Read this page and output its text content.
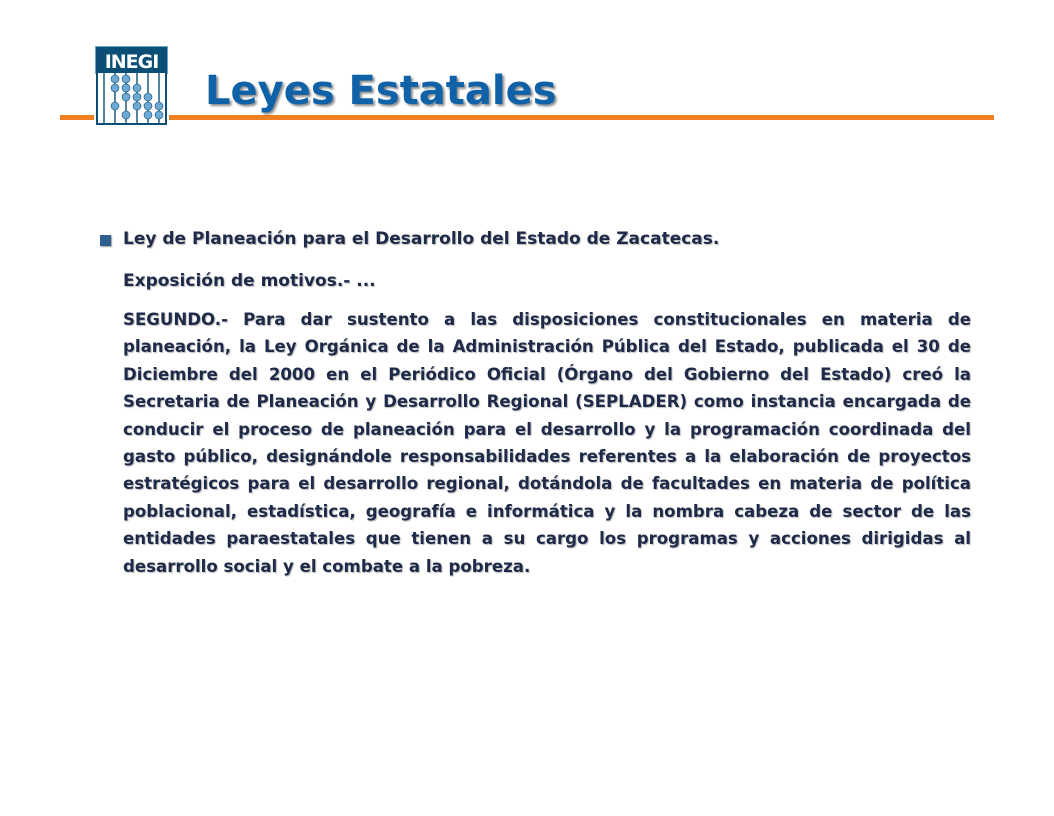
INEGI
Leyes Estatales
Ley de Planeación para el Desarrollo del Estado de Zacatecas.
Exposición de motivos.- ...
SEGUNDO.- Para dar sustento a las disposiciones constitucionales en materia de planeación, la Ley Orgánica de la Administración Pública del Estado, publicada el 30 de Diciembre del 2000 en el Periódico Oficial (Órgano del Gobierno del Estado) creó la Secretaria de Planeación y Desarrollo Regional (SEPLADER) como instancia encargada de conducir el proceso de planeación para el desarrollo y la programación coordinada del gasto público, designándole responsabilidades referentes a la elaboración de proyectos estratégicos para el desarrollo regional, dotándola de facultades en materia de política poblacional, estadística, geografía e informática y la nombra cabeza de sector de las entidades paraestatales que tienen a su cargo los programas y acciones dirigidas al desarrollo social y el combate a la pobreza.
